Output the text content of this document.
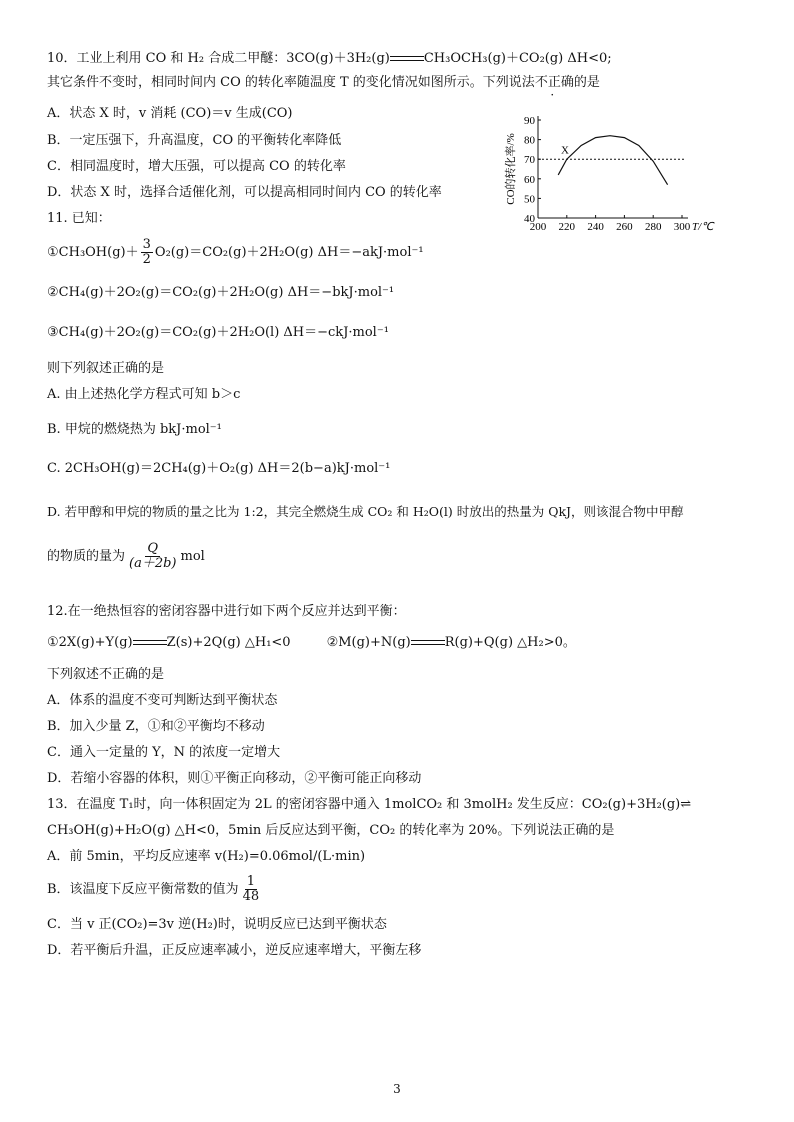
10．工业上利用 CO 和 H₂ 合成二甲醚：3CO(g)＋3H₂(g)	CH₃OCH₃(g)＋CO₂(g) ΔH<0;
其它条件不变时，相同时间内 CO 的转化率随温度 T 的变化情况如图所示。下列说法不正确的是
A．状态 X 时，v 消耗 (CO)＝v 生成(CO)
B．一定压强下，升高温度，CO 的平衡转化率降低
C．相同温度时，增大压强，可以提高 CO 的转化率
D．状态 X 时，选择合适催化剂，可以提高相同时间内 CO 的转化率
200 220 240 260 280 300
40
50
60
70
80
90
T/℃
CO的转化率/%	X
11. 已知：
①CH₃OH(g)＋ $\frac{3}{2} O_2(g)=CO_2(g)+2H_2O(g)$ ΔH＝−akJ·mol⁻¹
②CH₄(g)＋2O₂(g)＝CO₂(g)＋2H₂O(g) ΔH＝−bkJ·mol⁻¹
③CH₄(g)＋2O₂(g)＝CO₂(g)＋2H₂O(l) ΔH＝−ckJ·mol⁻¹
则下列叙述正确的是
A. 由上述热化学方程式可知 b＞c
B. 甲烷的燃烧热为 bkJ·mol⁻¹
C. 2CH₃OH(g)＝2CH₄(g)＋O₂(g) ΔH＝2(b−a)kJ·mol⁻¹
D. 若甲醇和甲烷的物质的量之比为 1:2，其完全燃烧生成 CO₂ 和 H₂O(l) 时放出的热量为 QkJ，则该混合物中甲醇
的物质的量为 $\frac{Q}{(a+2b)}$ mol
12.在一绝热恒容的密闭容器中进行如下两个反应并达到平衡：
①2X(g)+Y(g)	Z(s)+2Q(g) △H₁<0	②M(g)+N(g)	R(g)+Q(g) △H₂>0。
下列叙述不正确的是
A．体系的温度不变可判断达到平衡状态
B．加入少量 Z，①和②平衡均不移动
C．通入一定量的 Y，N 的浓度一定增大
D．若缩小容器的体积，则①平衡正向移动，②平衡可能正向移动
13．在温度 T₁时，向一体积固定为 2L 的密闭容器中通入 1molCO₂ 和 3molH₂ 发生反应：CO₂(g)+3H₂(g)⇌
CH₃OH(g)+H₂O(g) △H<0，5min 后反应达到平衡，CO₂ 的转化率为 20%。下列说法正确的是
A．前 5min，平均反应速率 v(H₂)=0.06mol/(L·min)
B．该温度下反应平衡常数的值为 $\frac{1}{48}$
C．当 v 正(CO₂)=3v 逆(H₂)时，说明反应已达到平衡状态
D．若平衡后升温，正反应速率减小，逆反应速率增大，平衡左移
3
